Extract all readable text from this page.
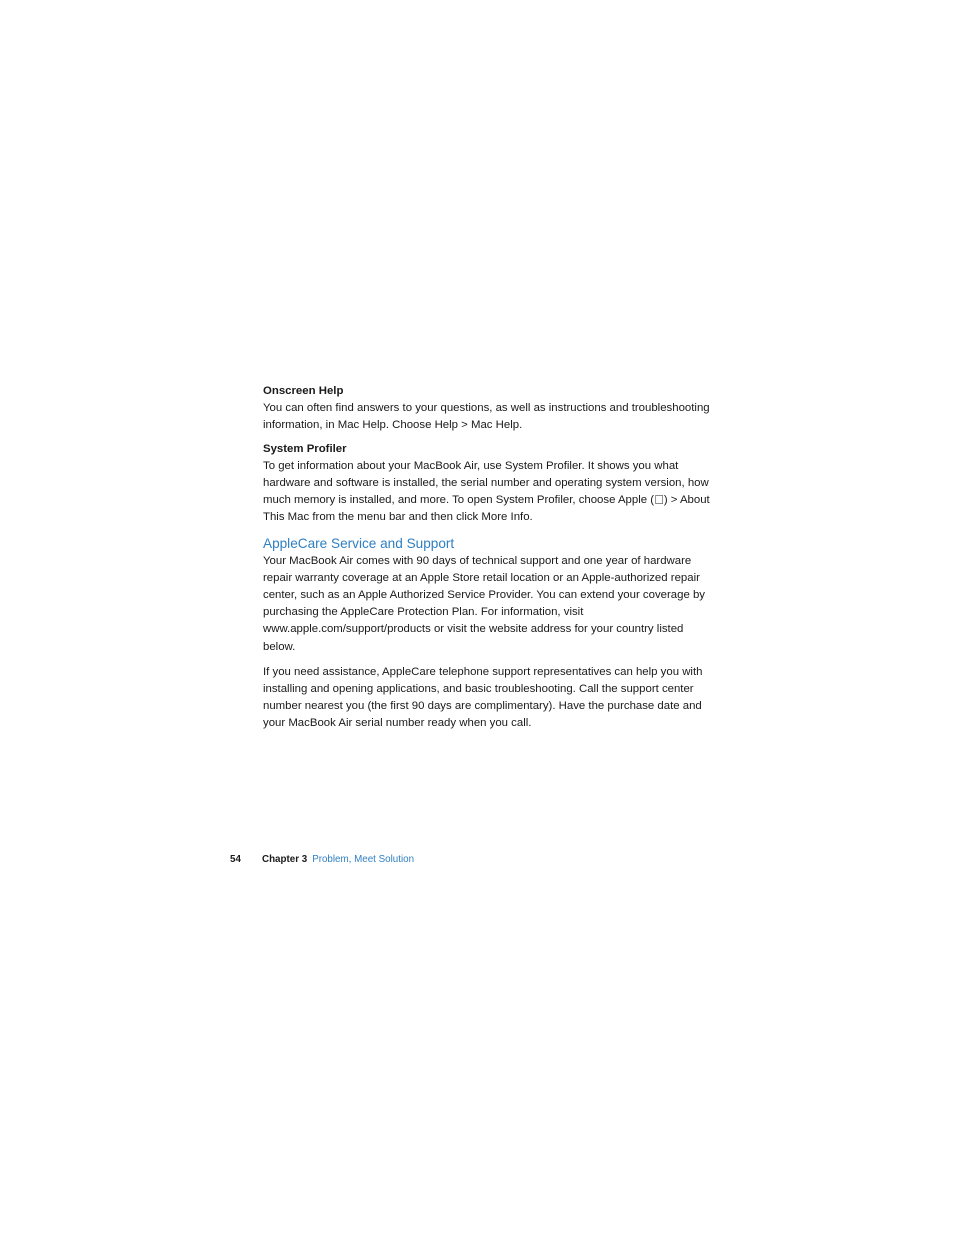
Onscreen Help

You can often find answers to your questions, as well as instructions and troubleshooting information, in Mac Help. Choose Help > Mac Help.

System Profiler

To get information about your MacBook Air, use System Profiler. It shows you what hardware and software is installed, the serial number and operating system version, how much memory is installed, and more. To open System Profiler, choose Apple () > About This Mac from the menu bar and then click More Info.

AppleCare Service and Support

Your MacBook Air comes with 90 days of technical support and one year of hardware repair warranty coverage at an Apple Store retail location or an Apple-authorized repair center, such as an Apple Authorized Service Provider. You can extend your coverage by purchasing the AppleCare Protection Plan. For information, visit www.apple.com/support/products or visit the website address for your country listed below.

If you need assistance, AppleCare telephone support representatives can help you with installing and opening applications, and basic troubleshooting. Call the support center number nearest you (the first 90 days are complimentary). Have the purchase date and your MacBook Air serial number ready when you call.

54 Chapter 3 Problem, Meet Solution
